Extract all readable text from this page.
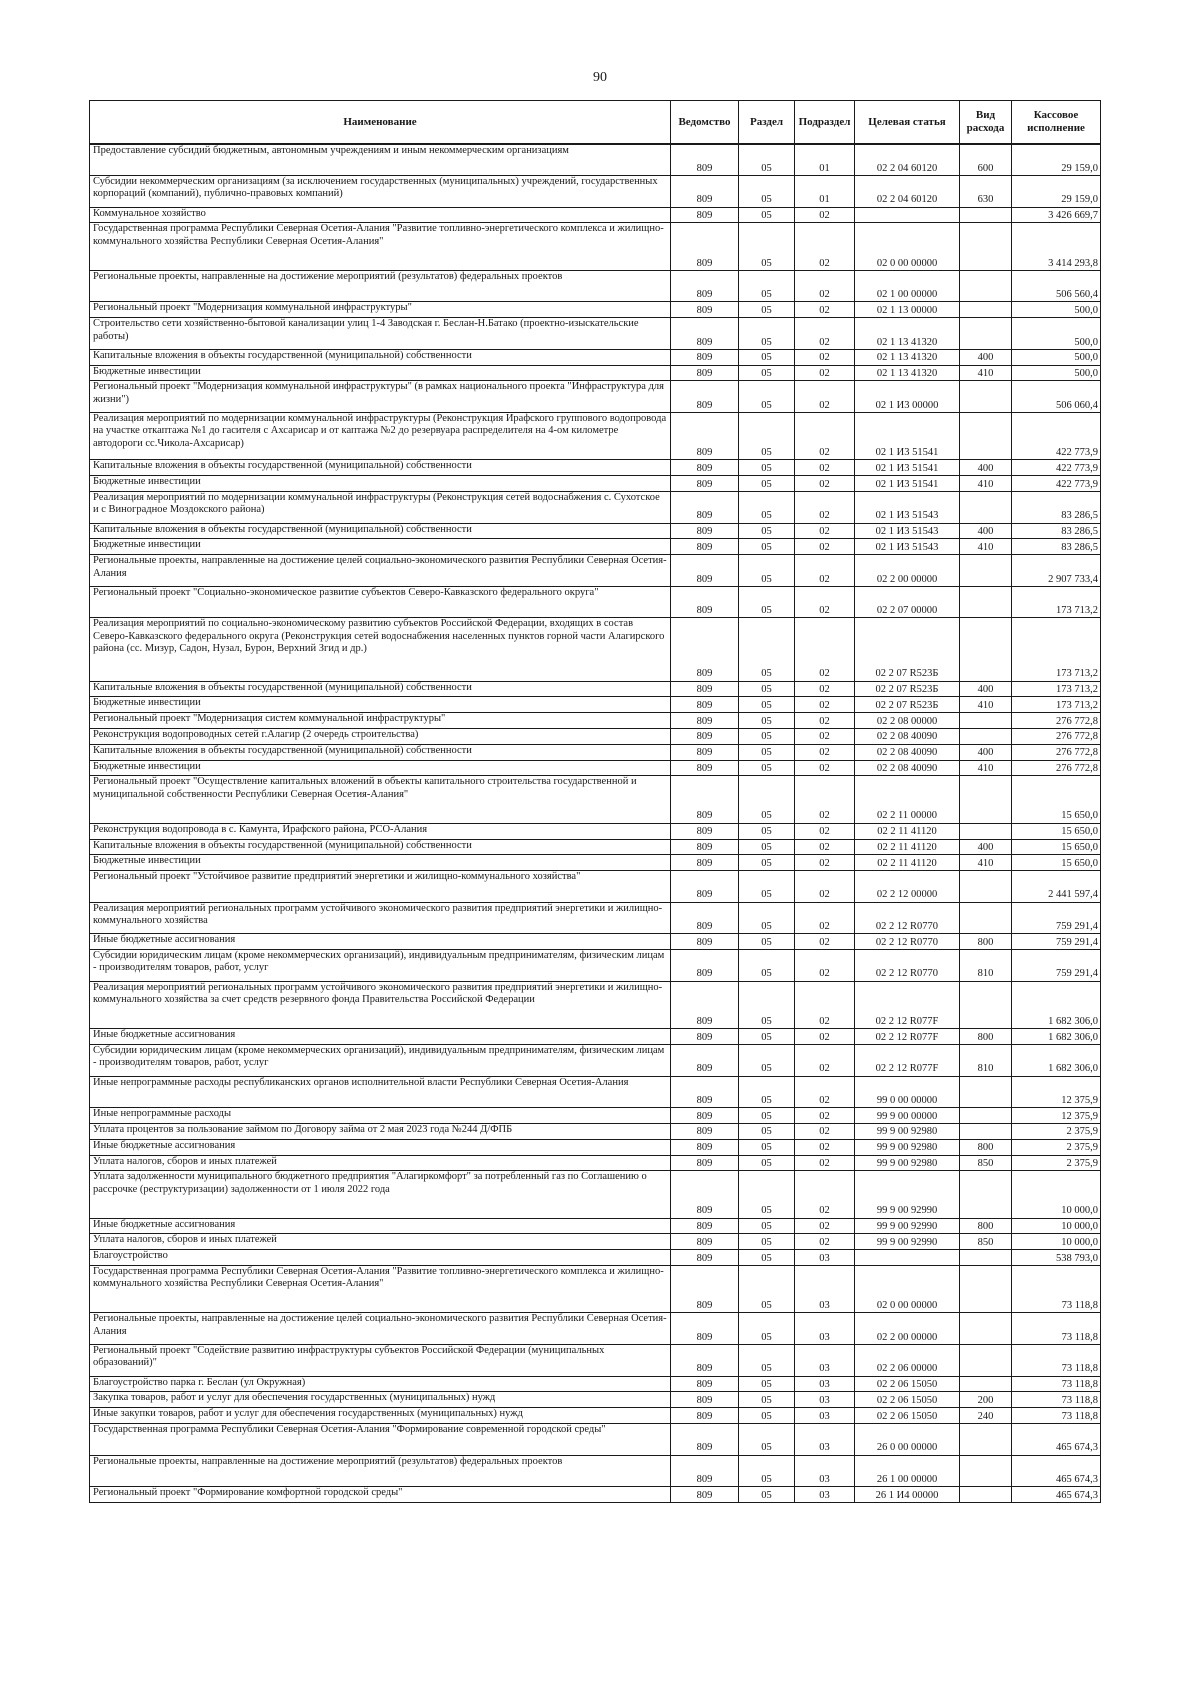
90
Наименование	Ведомство	Раздел	Подраздел	Целевая статья	Вид расхода	Кассовое исполнение
Предоставление субсидий бюджетным, автономным учреждениям и иным некоммерческим организациям	809	05	01	02 2 04 60120	600	29 159,0
Субсидии некоммерческим организациям (за исключением государственных (муниципальных) учреждений, государственных корпораций (компаний), публично-правовых компаний)	809	05	01	02 2 04 60120	630	29 159,0
Коммунальное хозяйство	809	05	02			3 426 669,7
Государственная программа Республики Северная Осетия-Алания "Развитие топливно-энергетического комплекса и жилищно-коммунального хозяйства Республики Северная Осетия-Алания"	809	05	02	02 0 00 00000		3 414 293,8
Региональные проекты, направленные на достижение мероприятий (результатов) федеральных проектов	809	05	02	02 1 00 00000		506 560,4
Региональный проект "Модернизация коммунальной инфраструктуры"	809	05	02	02 1 13 00000		500,0
Строительство сети хозяйственно-бытовой канализации улиц 1-4 Заводская г. Беслан-Н.Батако (проектно-изыскательские работы)	809	05	02	02 1 13 41320		500,0
Капитальные вложения в объекты государственной (муниципальной) собственности	809	05	02	02 1 13 41320	400	500,0
Бюджетные инвестиции	809	05	02	02 1 13 41320	410	500,0
Региональный проект "Модернизация коммунальной инфраструктуры" (в рамках национального проекта "Инфраструктура для жизни")	809	05	02	02 1 И3 00000		506 060,4
Реализация мероприятий по модернизации коммунальной инфраструктуры (Реконструкция Ирафского группового водопровода на участке откаптажа №1 до гасителя с Ахсарисар и от каптажа №2 до резервуара распределителя на 4-ом километре автодороги сс.Чикола-Ахсарисар)	809	05	02	02 1 И3 51541		422 773,9
Капитальные вложения в объекты государственной (муниципальной) собственности	809	05	02	02 1 И3 51541	400	422 773,9
Бюджетные инвестиции	809	05	02	02 1 И3 51541	410	422 773,9
Реализация мероприятий по модернизации коммунальной инфраструктуры (Реконструкция сетей водоснабжения с. Сухотское и с Виноградное Моздокского района)	809	05	02	02 1 И3 51543		83 286,5
Капитальные вложения в объекты государственной (муниципальной) собственности	809	05	02	02 1 И3 51543	400	83 286,5
Бюджетные инвестиции	809	05	02	02 1 И3 51543	410	83 286,5
Региональные проекты, направленные на достижение целей социально-экономического развития Республики Северная Осетия-Алания	809	05	02	02 2 00 00000		2 907 733,4
Региональный проект "Социально-экономическое развитие субъектов Северо-Кавказского федерального округа"	809	05	02	02 2 07 00000		173 713,2
Реализация мероприятий по социально-экономическому развитию субъектов Российской Федерации, входящих в состав Северо-Кавказского федерального округа (Реконструкция сетей водоснабжения населенных пунктов горной части Алагирского района (сс. Мизур, Садон, Нузал, Бурон, Верхний Згид и др.)	809	05	02	02 2 07 R523Б		173 713,2
Капитальные вложения в объекты государственной (муниципальной) собственности	809	05	02	02 2 07 R523Б	400	173 713,2
Бюджетные инвестиции	809	05	02	02 2 07 R523Б	410	173 713,2
Региональный проект "Модернизация систем коммунальной инфраструктуры"	809	05	02	02 2 08 00000		276 772,8
Реконструкция водопроводных сетей г.Алагир (2 очередь строительства)	809	05	02	02 2 08 40090		276 772,8
Капитальные вложения в объекты государственной (муниципальной) собственности	809	05	02	02 2 08 40090	400	276 772,8
Бюджетные инвестиции	809	05	02	02 2 08 40090	410	276 772,8
Региональный проект "Осуществление капитальных вложений в объекты капитального строительства государственной и муниципальной собственности Республики Северная Осетия-Алания"	809	05	02	02 2 11 00000		15 650,0
Реконструкция водопровода в с. Камунта, Ирафского района, РСО-Алания	809	05	02	02 2 11 41120		15 650,0
Капитальные вложения в объекты государственной (муниципальной) собственности	809	05	02	02 2 11 41120	400	15 650,0
Бюджетные инвестиции	809	05	02	02 2 11 41120	410	15 650,0
Региональный проект "Устойчивое развитие предприятий энергетики и жилищно-коммунального хозяйства"	809	05	02	02 2 12 00000		2 441 597,4
Реализация мероприятий региональных программ устойчивого экономического развития предприятий энергетики и жилищно-коммунального хозяйства	809	05	02	02 2 12 R0770		759 291,4
Иные бюджетные ассигнования	809	05	02	02 2 12 R0770	800	759 291,4
Субсидии юридическим лицам (кроме некоммерческих организаций), индивидуальным предпринимателям, физическим лицам - производителям товаров, работ, услуг	809	05	02	02 2 12 R0770	810	759 291,4
Реализация мероприятий региональных программ устойчивого экономического развития предприятий энергетики и жилищно-коммунального хозяйства за счет средств резервного фонда Правительства Российской Федерации	809	05	02	02 2 12 R077F		1 682 306,0
Иные бюджетные ассигнования	809	05	02	02 2 12 R077F	800	1 682 306,0
Субсидии юридическим лицам (кроме некоммерческих организаций), индивидуальным предпринимателям, физическим лицам - производителям товаров, работ, услуг	809	05	02	02 2 12 R077F	810	1 682 306,0
Иные непрограммные расходы республиканских органов исполнительной власти Республики Северная Осетия-Алания	809	05	02	99 0 00 00000		12 375,9
Иные непрограммные расходы	809	05	02	99 9 00 00000		12 375,9
Уплата процентов за пользование займом по Договору займа от 2 мая 2023 года №244 Д/ФПБ	809	05	02	99 9 00 92980		2 375,9
Иные бюджетные ассигнования	809	05	02	99 9 00 92980	800	2 375,9
Уплата налогов, сборов и иных платежей	809	05	02	99 9 00 92980	850	2 375,9
Уплата задолженности муниципального бюджетного предприятия "Алагиркомфорт" за потребленный газ по Соглашению о рассрочке (реструктуризации) задолженности от 1 июля 2022 года	809	05	02	99 9 00 92990		10 000,0
Иные бюджетные ассигнования	809	05	02	99 9 00 92990	800	10 000,0
Уплата налогов, сборов и иных платежей	809	05	02	99 9 00 92990	850	10 000,0
Благоустройство	809	05	03			538 793,0
Государственная программа Республики Северная Осетия-Алания "Развитие топливно-энергетического комплекса и жилищно-коммунального хозяйства Республики Северная Осетия-Алания"	809	05	03	02 0 00 00000		73 118,8
Региональные проекты, направленные на достижение целей социально-экономического развития Республики Северная Осетия-Алания	809	05	03	02 2 00 00000		73 118,8
Региональный проект "Содействие развитию инфраструктуры субъектов Российской Федерации (муниципальных образований)"	809	05	03	02 2 06 00000		73 118,8
Благоустройство парка г. Беслан (ул Окружная)	809	05	03	02 2 06 15050		73 118,8
Закупка товаров, работ и услуг для обеспечения государственных (муниципальных) нужд	809	05	03	02 2 06 15050	200	73 118,8
Иные закупки товаров, работ и услуг для обеспечения государственных (муниципальных) нужд	809	05	03	02 2 06 15050	240	73 118,8
Государственная программа Республики Северная Осетия-Алания "Формирование современной городской среды"	809	05	03	26 0 00 00000		465 674,3
Региональные проекты, направленные на достижение мероприятий (результатов) федеральных проектов	809	05	03	26 1 00 00000		465 674,3
Региональный проект "Формирование комфортной городской среды"	809	05	03	26 1 И4 00000		465 674,3
